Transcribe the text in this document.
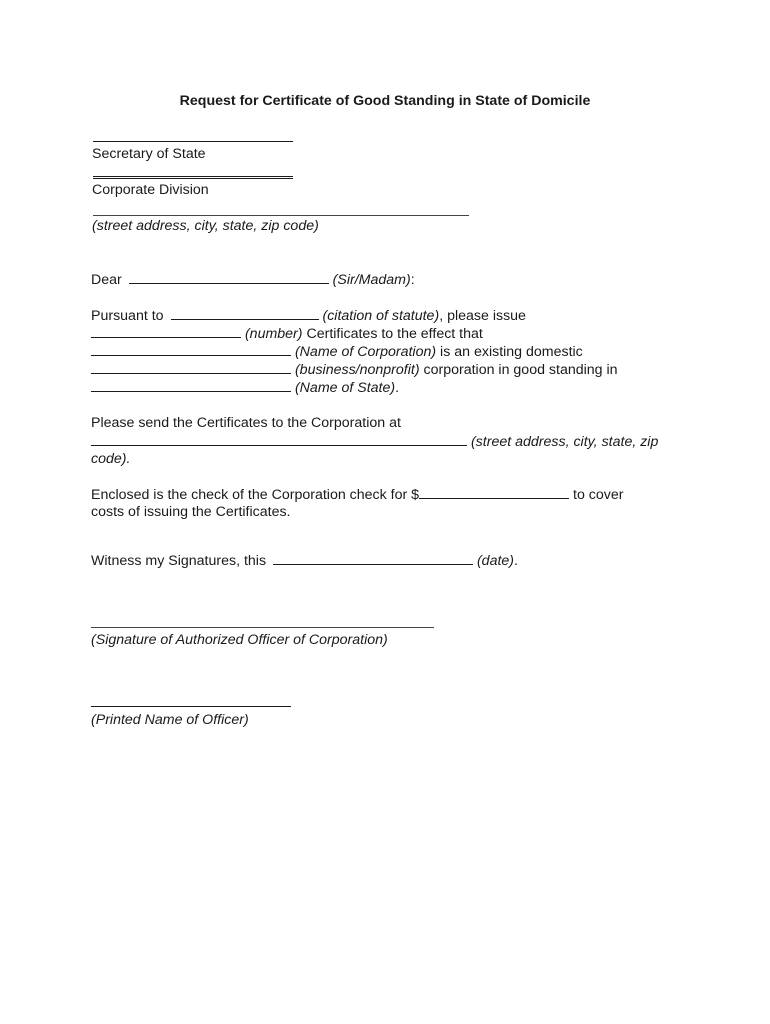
Request for Certificate of Good Standing in State of Domicile
Secretary of State
Corporate Division
(street address, city, state, zip code)
Dear	(Sir/Madam):
Pursuant to	(citation of statute), please issue
(number) Certificates to the effect that
(Name of Corporation) is an existing domestic
(business/nonprofit) corporation in good standing in
(Name of State).
Please send the Certificates to the Corporation at
(street address, city, state, zip
code).
Enclosed is the check of the Corporation check for $	to cover
costs of issuing the Certificates.
Witness my Signatures, this	(date).
(Signature of Authorized Officer of Corporation)
(Printed Name of Officer)
